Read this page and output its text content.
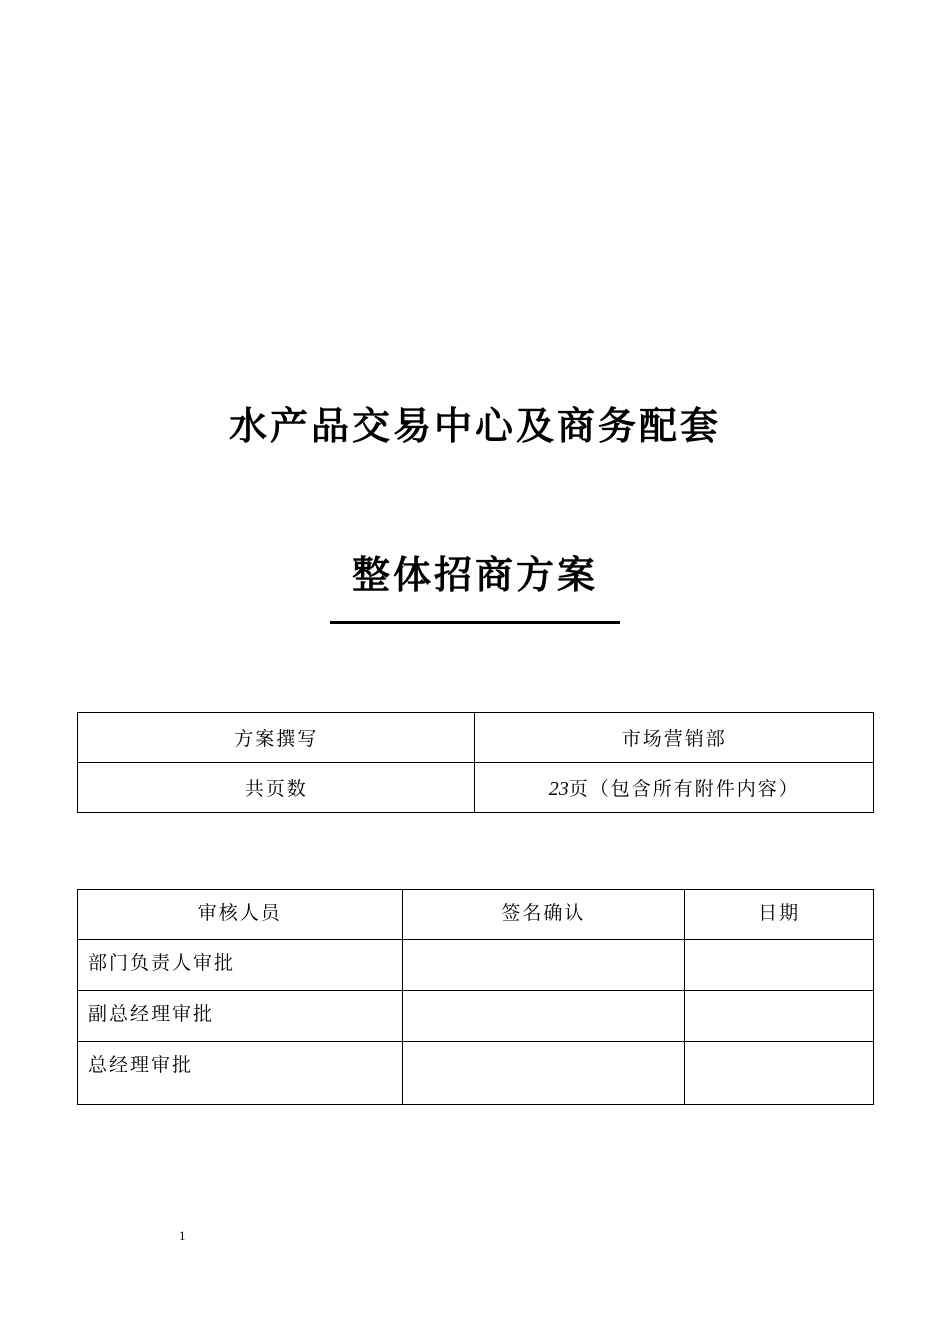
水产品交易中心及商务配套
整体招商方案
方案撰写	市场营销部
共页数	23页（包含所有附件内容）
审核人员	签名确认	日期
部门负责人审批		
副总经理审批		
总经理审批		
1
